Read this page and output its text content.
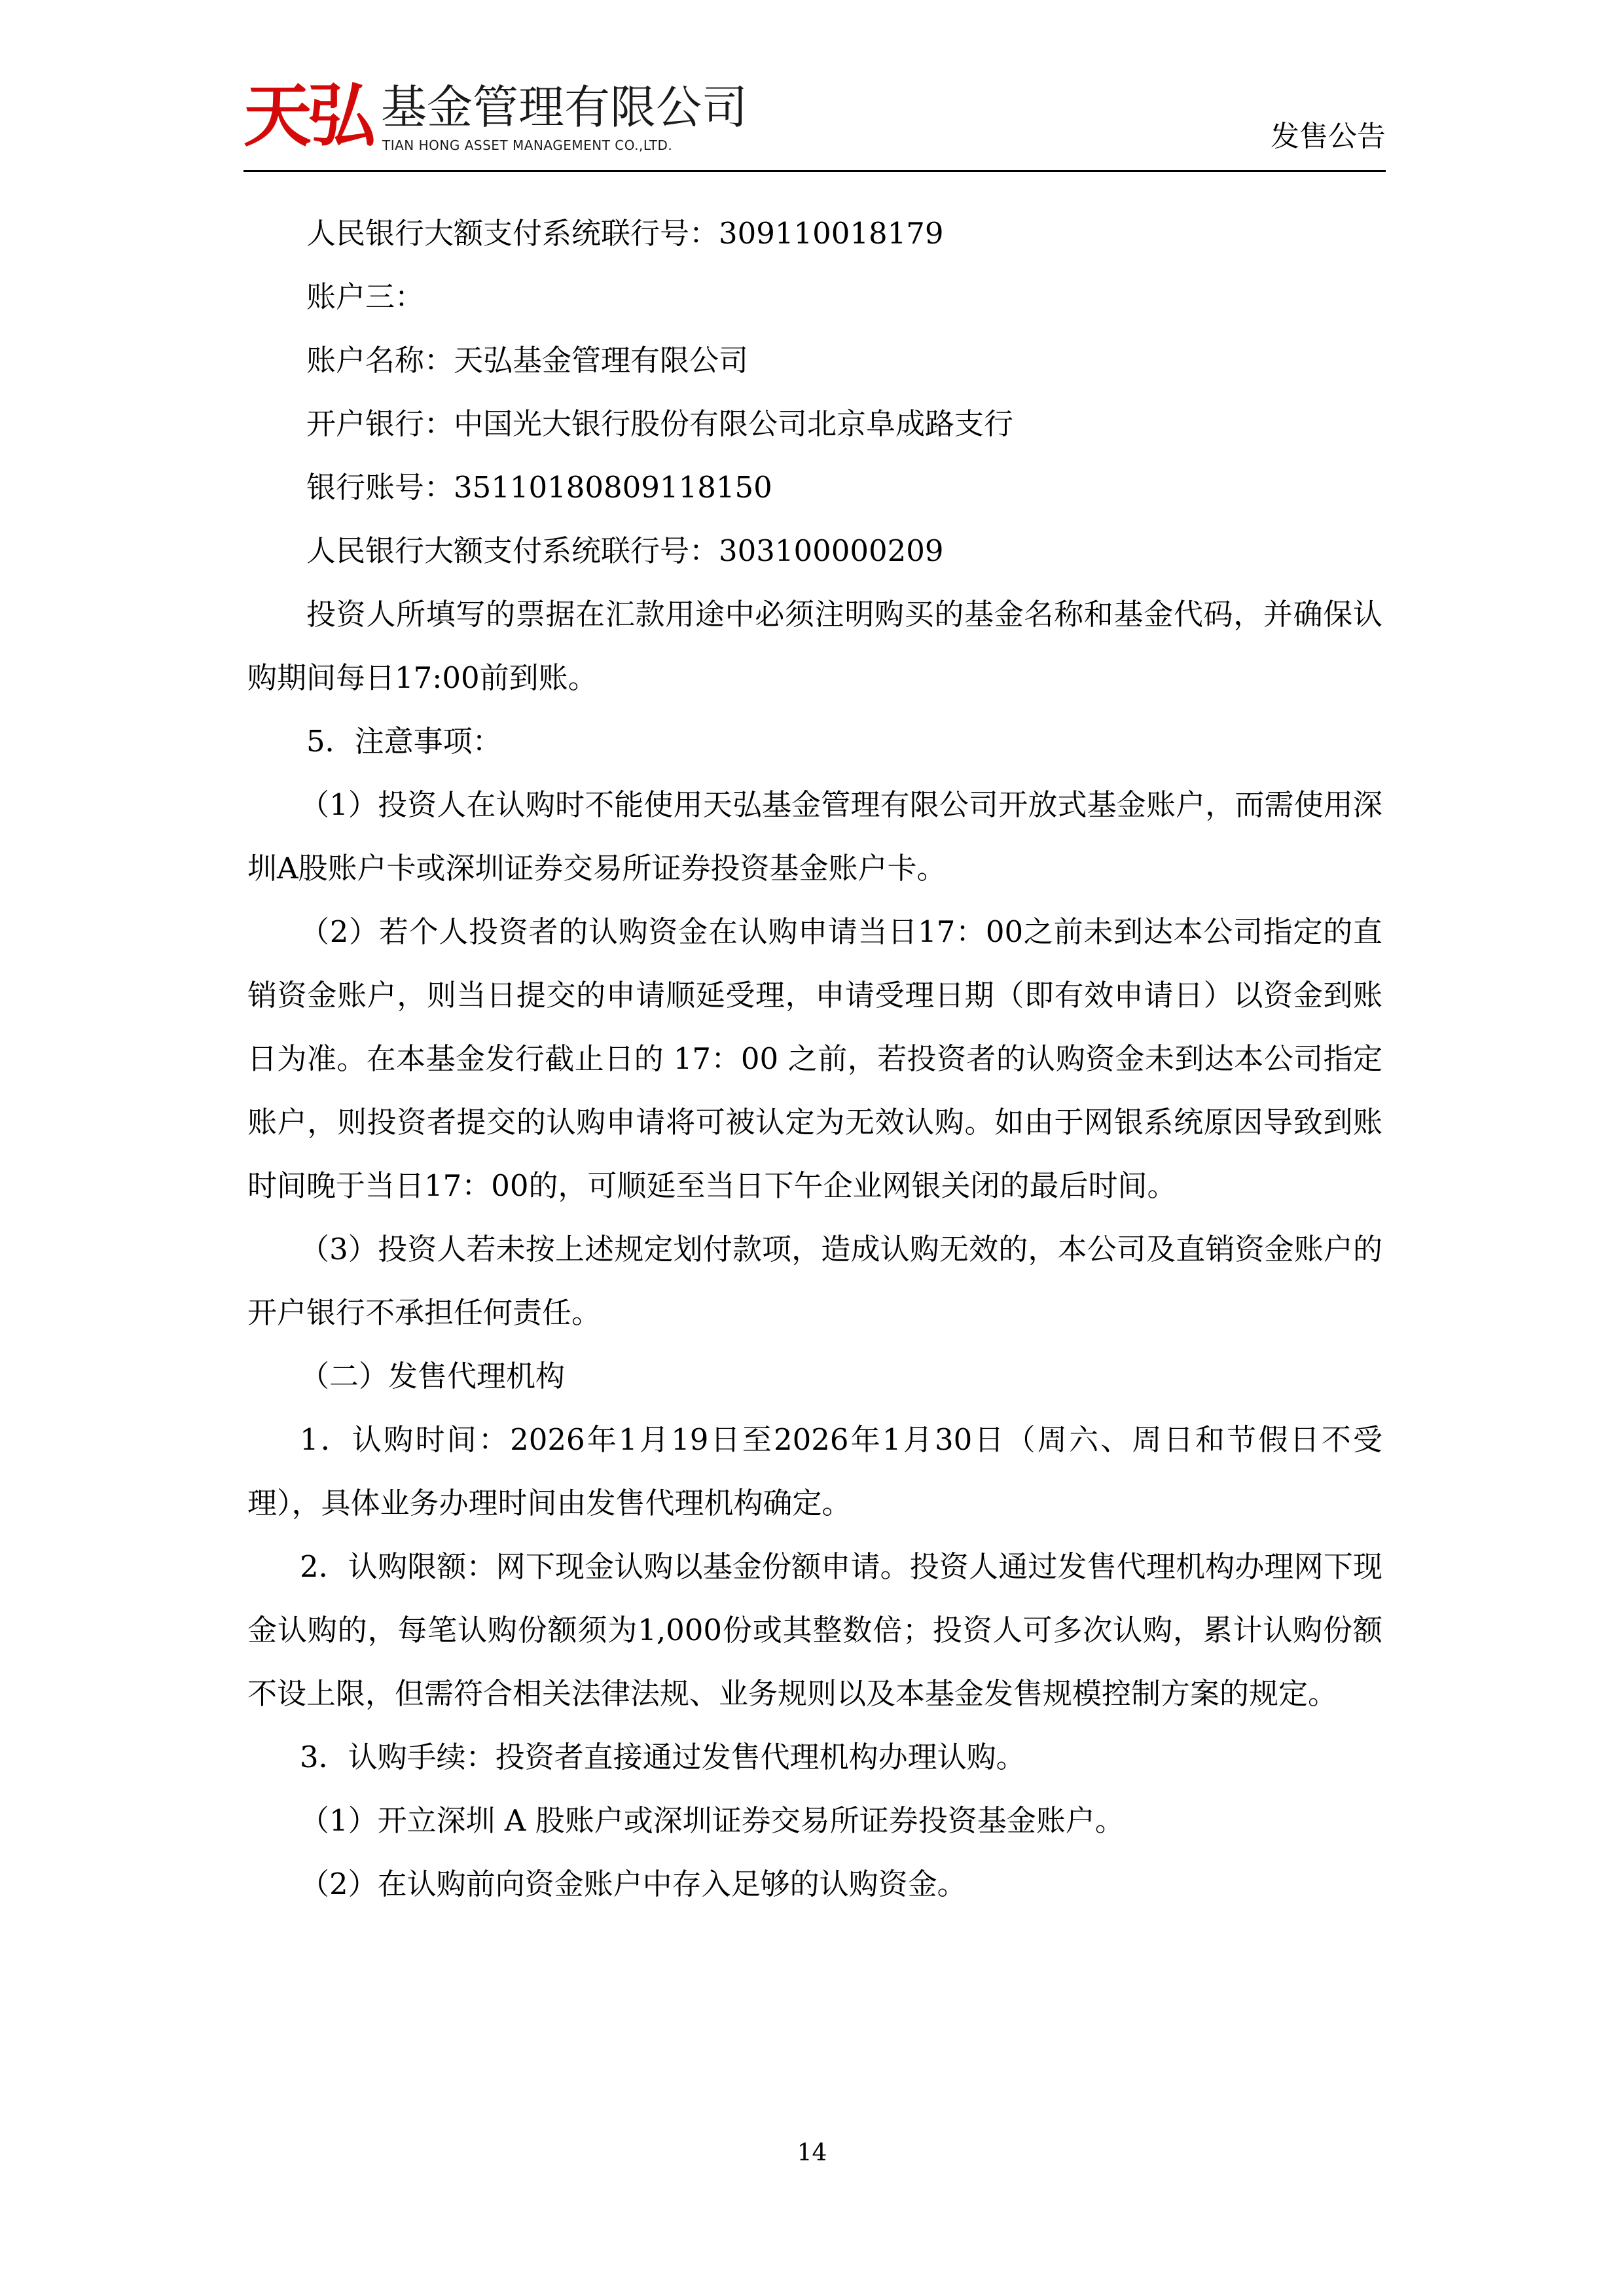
天弘 基金管理有限公司
TIAN HONG ASSET MANAGEMENT CO.,LTD.	发售公告

人民银行大额支付系统联行号：309110018179

账户三：

账户名称：天弘基金管理有限公司

开户银行：中国光大银行股份有限公司北京阜成路支行

银行账号：35110180809118150

人民银行大额支付系统联行号：303100000209

投资人所填写的票据在汇款用途中必须注明购买的基金名称和基金代码，并确保认购期间每日17:00前到账。

5．注意事项：

（1）投资人在认购时不能使用天弘基金管理有限公司开放式基金账户，而需使用深圳A股账户卡或深圳证券交易所证券投资基金账户卡。

（2）若个人投资者的认购资金在认购申请当日17：00之前未到达本公司指定的直销资金账户，则当日提交的申请顺延受理，申请受理日期（即有效申请日）以资金到账日为准。在本基金发行截止日的 17：00 之前，若投资者的认购资金未到达本公司指定账户，则投资者提交的认购申请将可被认定为无效认购。如由于网银系统原因导致到账时间晚于当日17：00的，可顺延至当日下午企业网银关闭的最后时间。

（3）投资人若未按上述规定划付款项，造成认购无效的，本公司及直销资金账户的开户银行不承担任何责任。

（二）发售代理机构

1．认购时间：2026年1月19日至2026年1月30日（周六、周日和节假日不受理），具体业务办理时间由发售代理机构确定。

2．认购限额：网下现金认购以基金份额申请。投资人通过发售代理机构办理网下现金认购的，每笔认购份额须为1,000份或其整数倍；投资人可多次认购，累计认购份额不设上限，但需符合相关法律法规、业务规则以及本基金发售规模控制方案的规定。

3．认购手续：投资者直接通过发售代理机构办理认购。

（1）开立深圳 A 股账户或深圳证券交易所证券投资基金账户。

（2）在认购前向资金账户中存入足够的认购资金。

14
